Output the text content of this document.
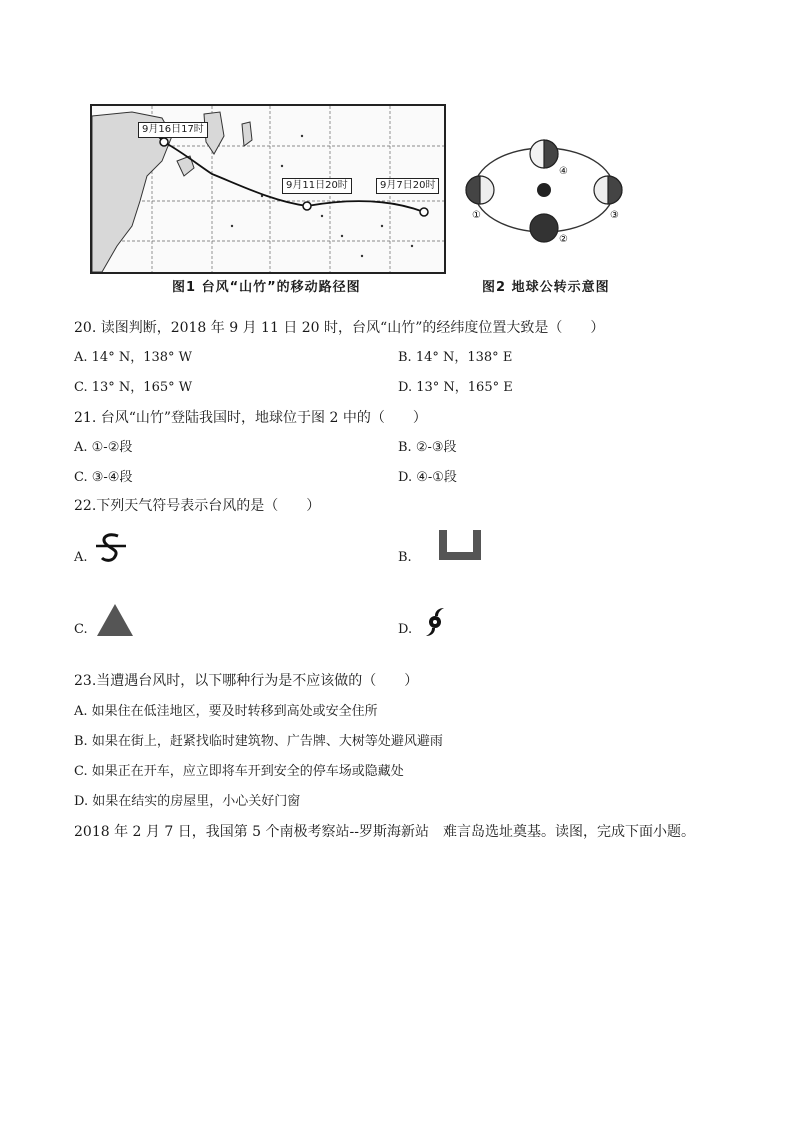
9月16日17时
9月11日20时	9月7日20时
图1 台风“山竹”的移动路径图
④
②
①	③
图2 地球公转示意图
20. 读图判断，2018 年 9 月 11 日 20 时，台风“山竹”的经纬度位置大致是（　　）
A. 14° N，138° W	B. 14° N，138° E
C. 13° N，165° W	D. 13° N，165° E
21. 台风“山竹”登陆我国时，地球位于图 2 中的（　　）
A. ①-②段	B. ②-③段
C. ③-④段	D. ④-①段
22.下列天气符号表示台风的是（　　）
A.	B.
C.	D.
23.当遭遇台风时，以下哪种行为是不应该做的（　　）
A. 如果住在低洼地区，要及时转移到高处或安全住所
B. 如果在街上，赶紧找临时建筑物、广告牌、大树等处避风避雨
C. 如果正在开车，应立即将车开到安全的停车场或隐藏处
D. 如果在结实的房屋里，小心关好门窗
2018 年 2 月 7 日，我国第 5 个南极考察站--罗斯海新站　难言岛选址奠基。读图，完成下面小题。
